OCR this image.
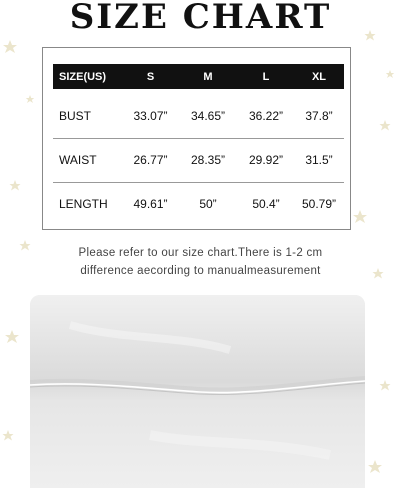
SIZE CHART
SIZE(US)	S	M	L	XL
BUST	33.07”	34.65”	36.22”	37.8”
WAIST	26.77”	28.35”	29.92”	31.5”
LENGTH	49.61”	50”	50.4”	50.79”
Please refer to our size chart.There is 1-2 cm
difference aecording to manualmeasurement
